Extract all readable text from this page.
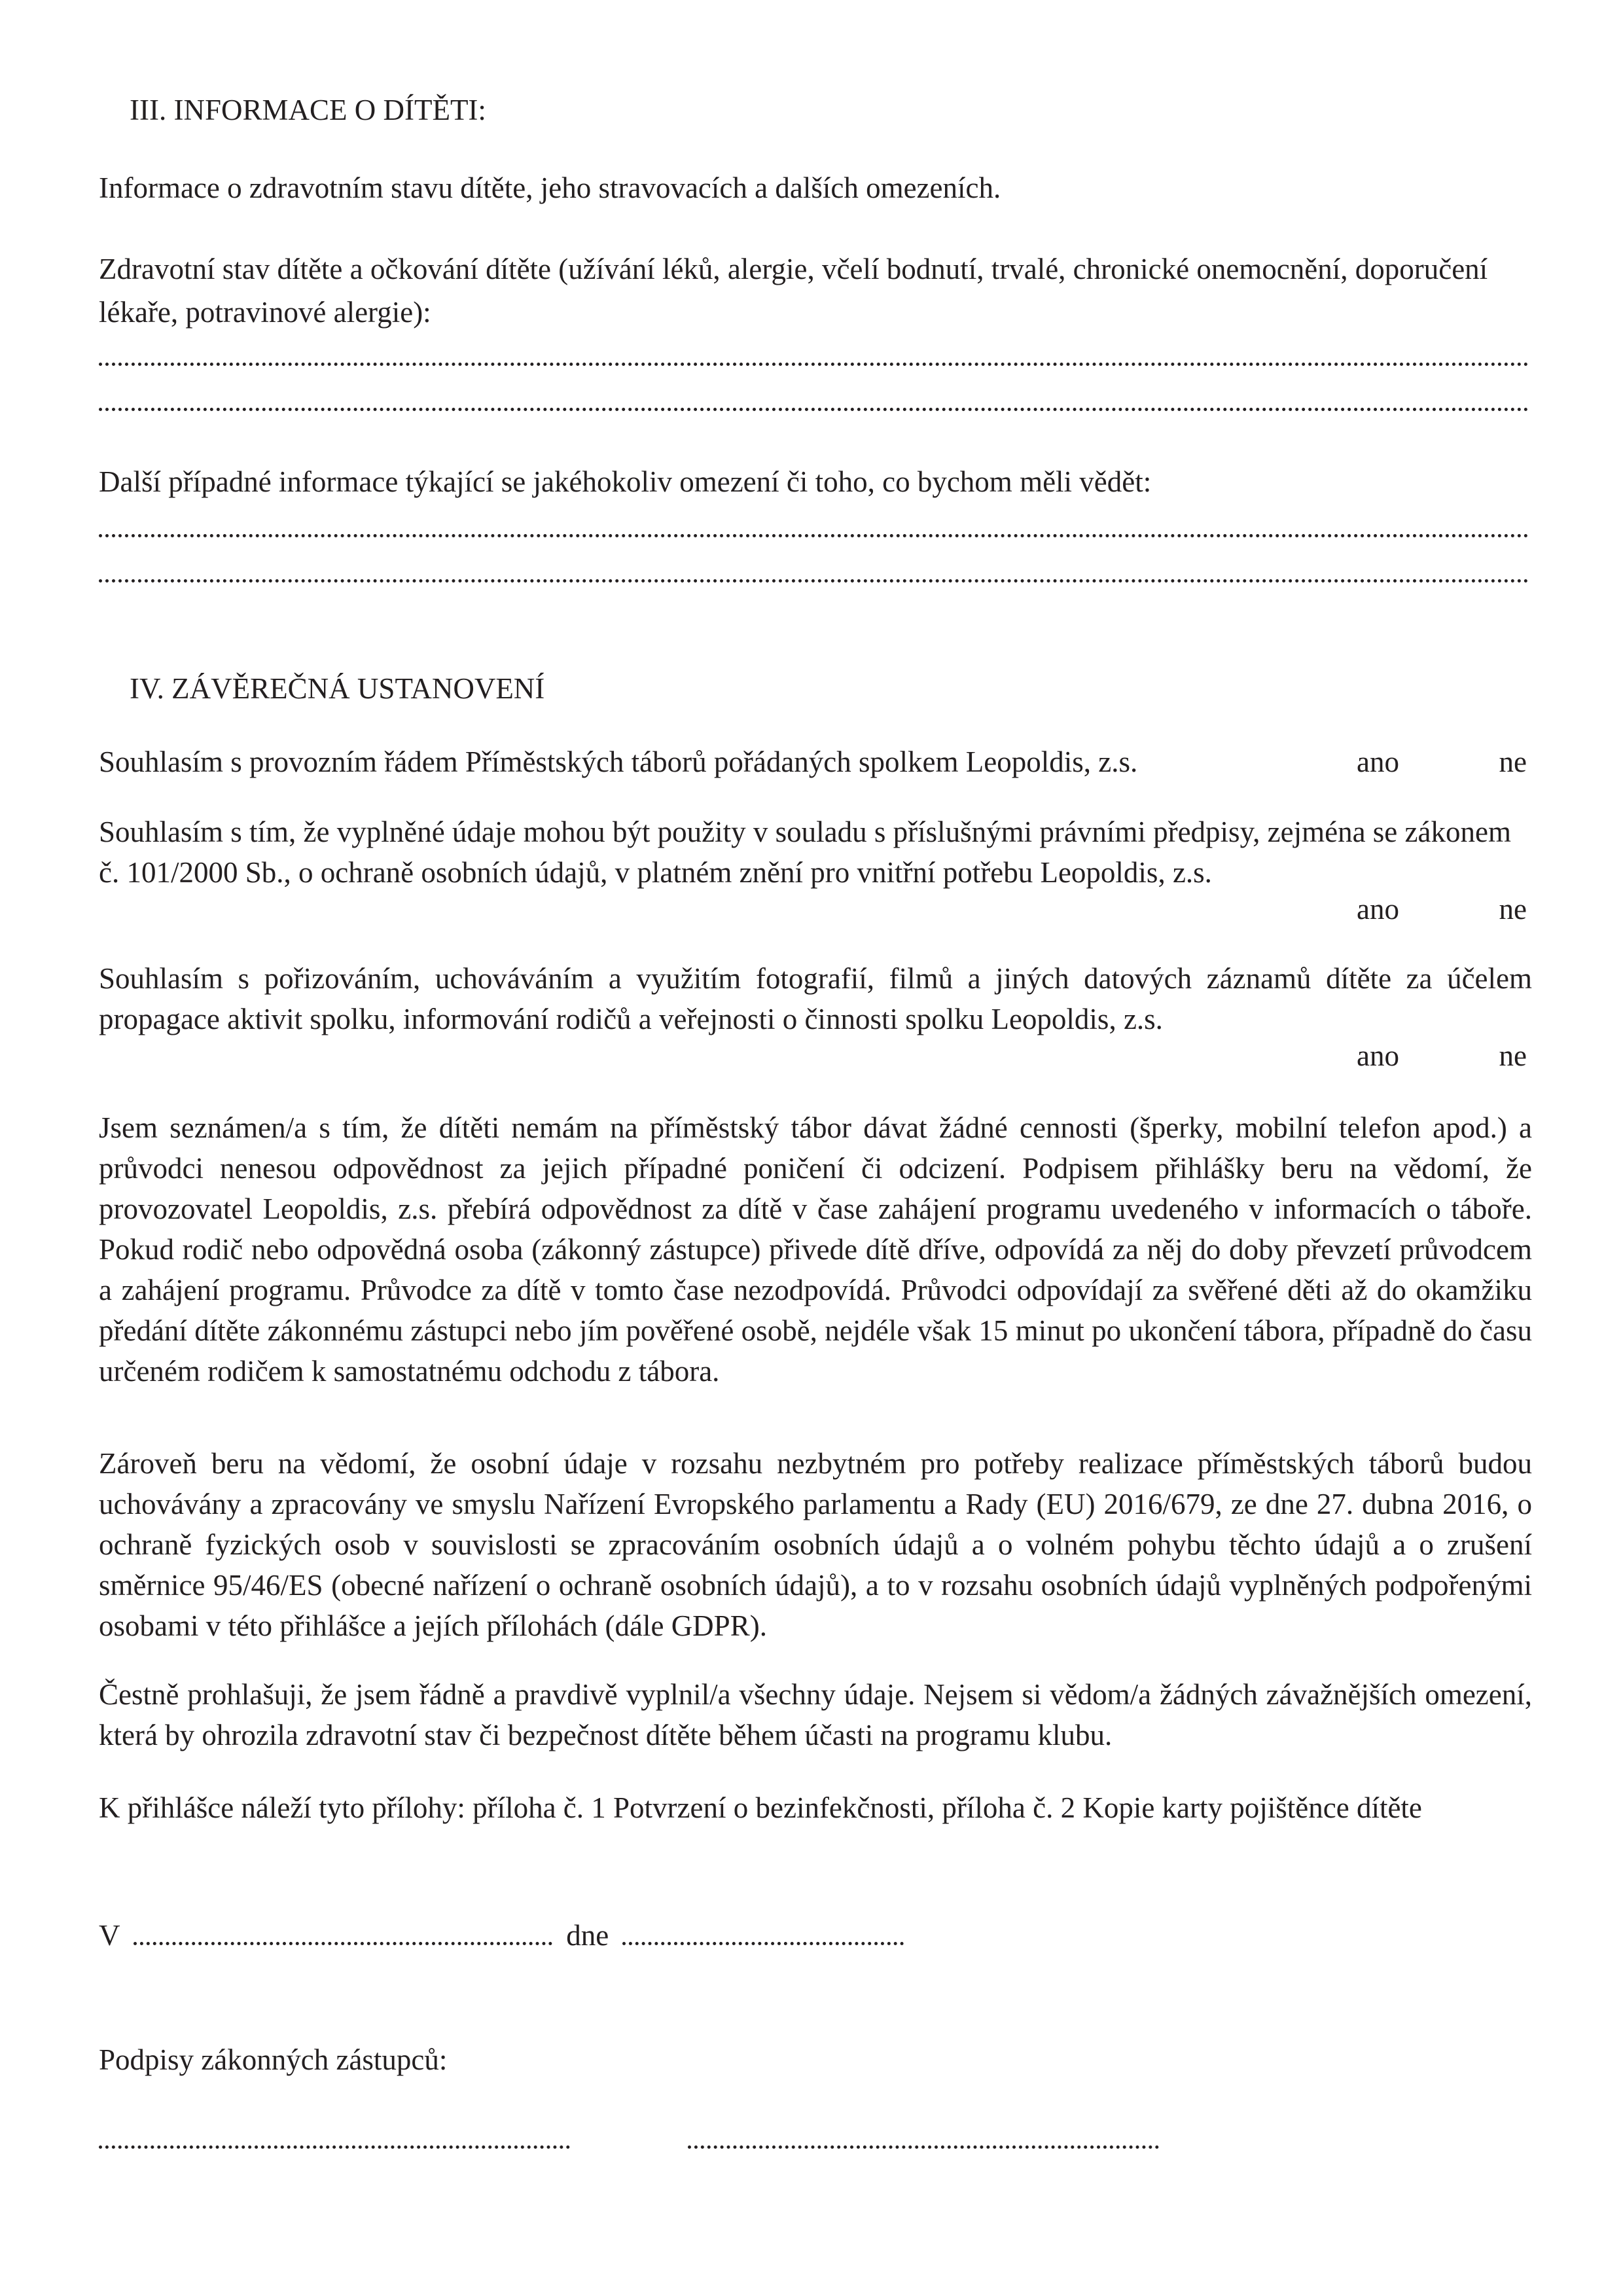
III. INFORMACE O DÍTĚTI:

Informace o zdravotním stavu dítěte, jeho stravovacích a dalších omezeních.

Zdravotní stav dítěte a očkování dítěte (užívání léků, alergie, včelí bodnutí, trvalé, chronické onemocnění, doporučení lékaře, potravinové alergie):

Další případné informace týkající se jakéhokoliv omezení či toho, co bychom měli vědět:

IV. ZÁVĚREČNÁ USTANOVENÍ

Souhlasím s provozním řádem Příměstských táborů pořádaných spolkem Leopoldis, z.s.	ano	ne

Souhlasím s tím, že vyplněné údaje mohou být použity v souladu s příslušnými právními předpisy, zejména se zákonem č. 101/2000 Sb., o ochraně osobních údajů, v platném znění pro vnitřní potřebu Leopoldis, z.s.

ano	ne

Souhlasím s pořizováním, uchováváním a využitím fotografií, filmů a jiných datových záznamů dítěte za účelem propagace aktivit spolku, informování rodičů a veřejnosti o činnosti spolku Leopoldis, z.s.

ano	ne

Jsem seznámen/a s tím, že dítěti nemám na příměstský tábor dávat žádné cennosti (šperky, mobilní telefon apod.) a průvodci nenesou odpovědnost za jejich případné poničení či odcizení. Podpisem přihlášky beru na vědomí, že provozovatel Leopoldis, z.s. přebírá odpovědnost za dítě v čase zahájení programu uvedeného v informacích o táboře. Pokud rodič nebo odpovědná osoba (zákonný zástupce) přivede dítě dříve, odpovídá za něj do doby převzetí průvodcem a zahájení programu. Průvodce za dítě v tomto čase nezodpovídá. Průvodci odpovídají za svěřené děti až do okamžiku předání dítěte zákonnému zástupci nebo jím pověřené osobě, nejdéle však 15 minut po ukončení tábora, případně do času určeném rodičem k samostatnému odchodu z tábora.

Zároveň beru na vědomí, že osobní údaje v rozsahu nezbytném pro potřeby realizace příměstských táborů budou uchovávány a zpracovány ve smyslu Nařízení Evropského parlamentu a Rady (EU) 2016/679, ze dne 27. dubna 2016, o ochraně fyzických osob v souvislosti se zpracováním osobních údajů a o volném pohybu těchto údajů a o zrušení směrnice 95/46/ES (obecné nařízení o ochraně osobních údajů), a to v rozsahu osobních údajů vyplněných podpořenými osobami v této přihlášce a jejích přílohách (dále GDPR).

Čestně prohlašuji, že jsem řádně a pravdivě vyplnil/a všechny údaje. Nejsem si vědom/a žádných závažnějších omezení, která by ohrozila zdravotní stav či bezpečnost dítěte během účasti na programu klubu.

K přihlášce náleží tyto přílohy: příloha č. 1 Potvrzení o bezinfekčnosti, příloha č. 2 Kopie karty pojištěnce dítěte

V	dne

Podpisy zákonných zástupců:
